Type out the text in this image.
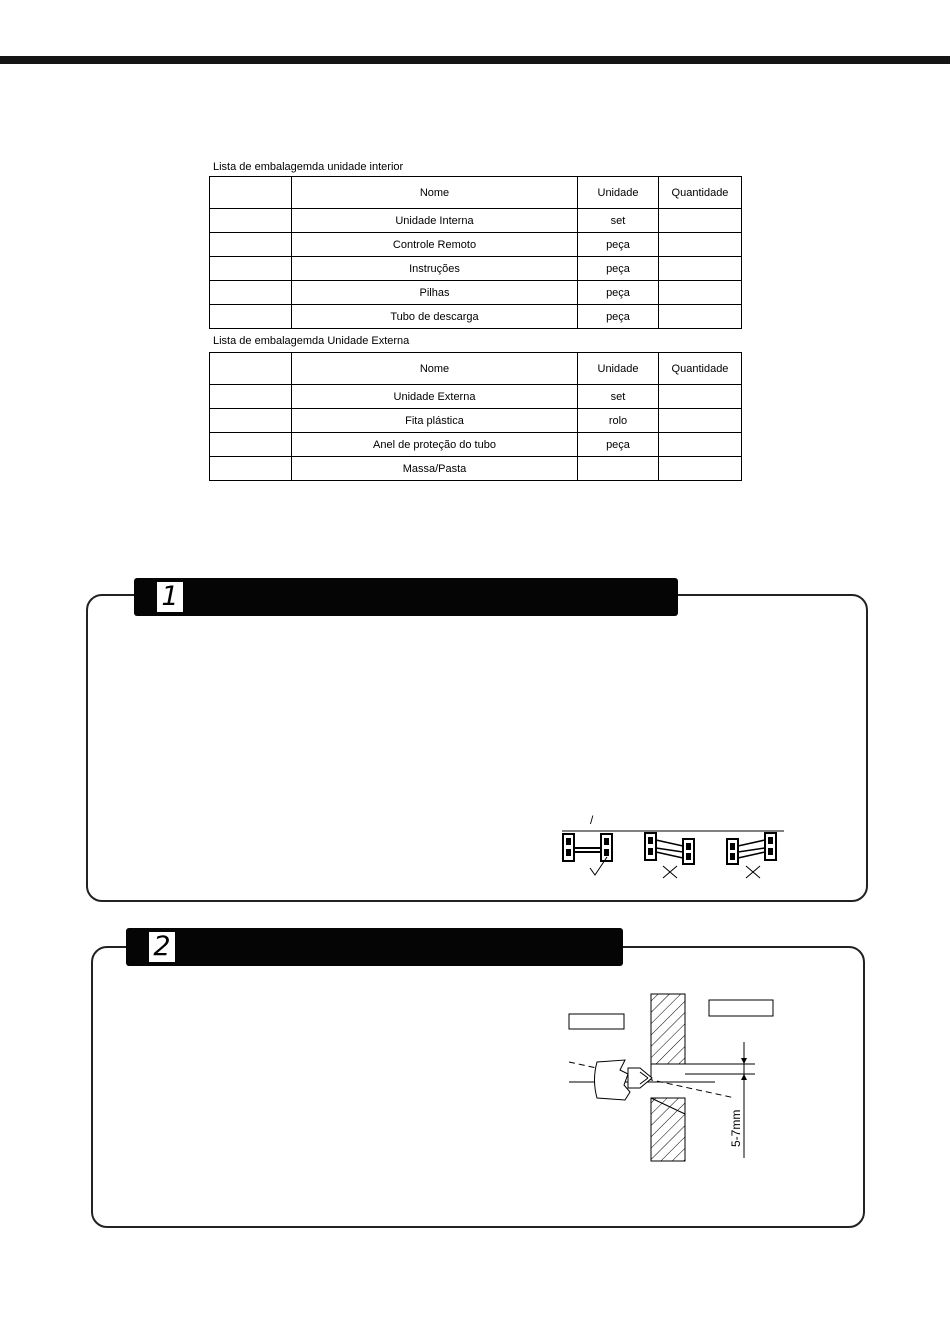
Lista de embalagemda unidade interior
	Nome	Unidade	Quantidade
	Unidade Interna	set	
	Controle Remoto	peça	
	Instruções	peça	
	Pilhas	peça	
	Tubo de descarga	peça	
Lista de embalagemda Unidade Externa
	Nome	Unidade	Quantidade
	Unidade Externa	set	
	Fita plástica	rolo	
	Anel de proteção do tubo	peça	
	Massa/Pasta		
1
/
2
5-7mm
